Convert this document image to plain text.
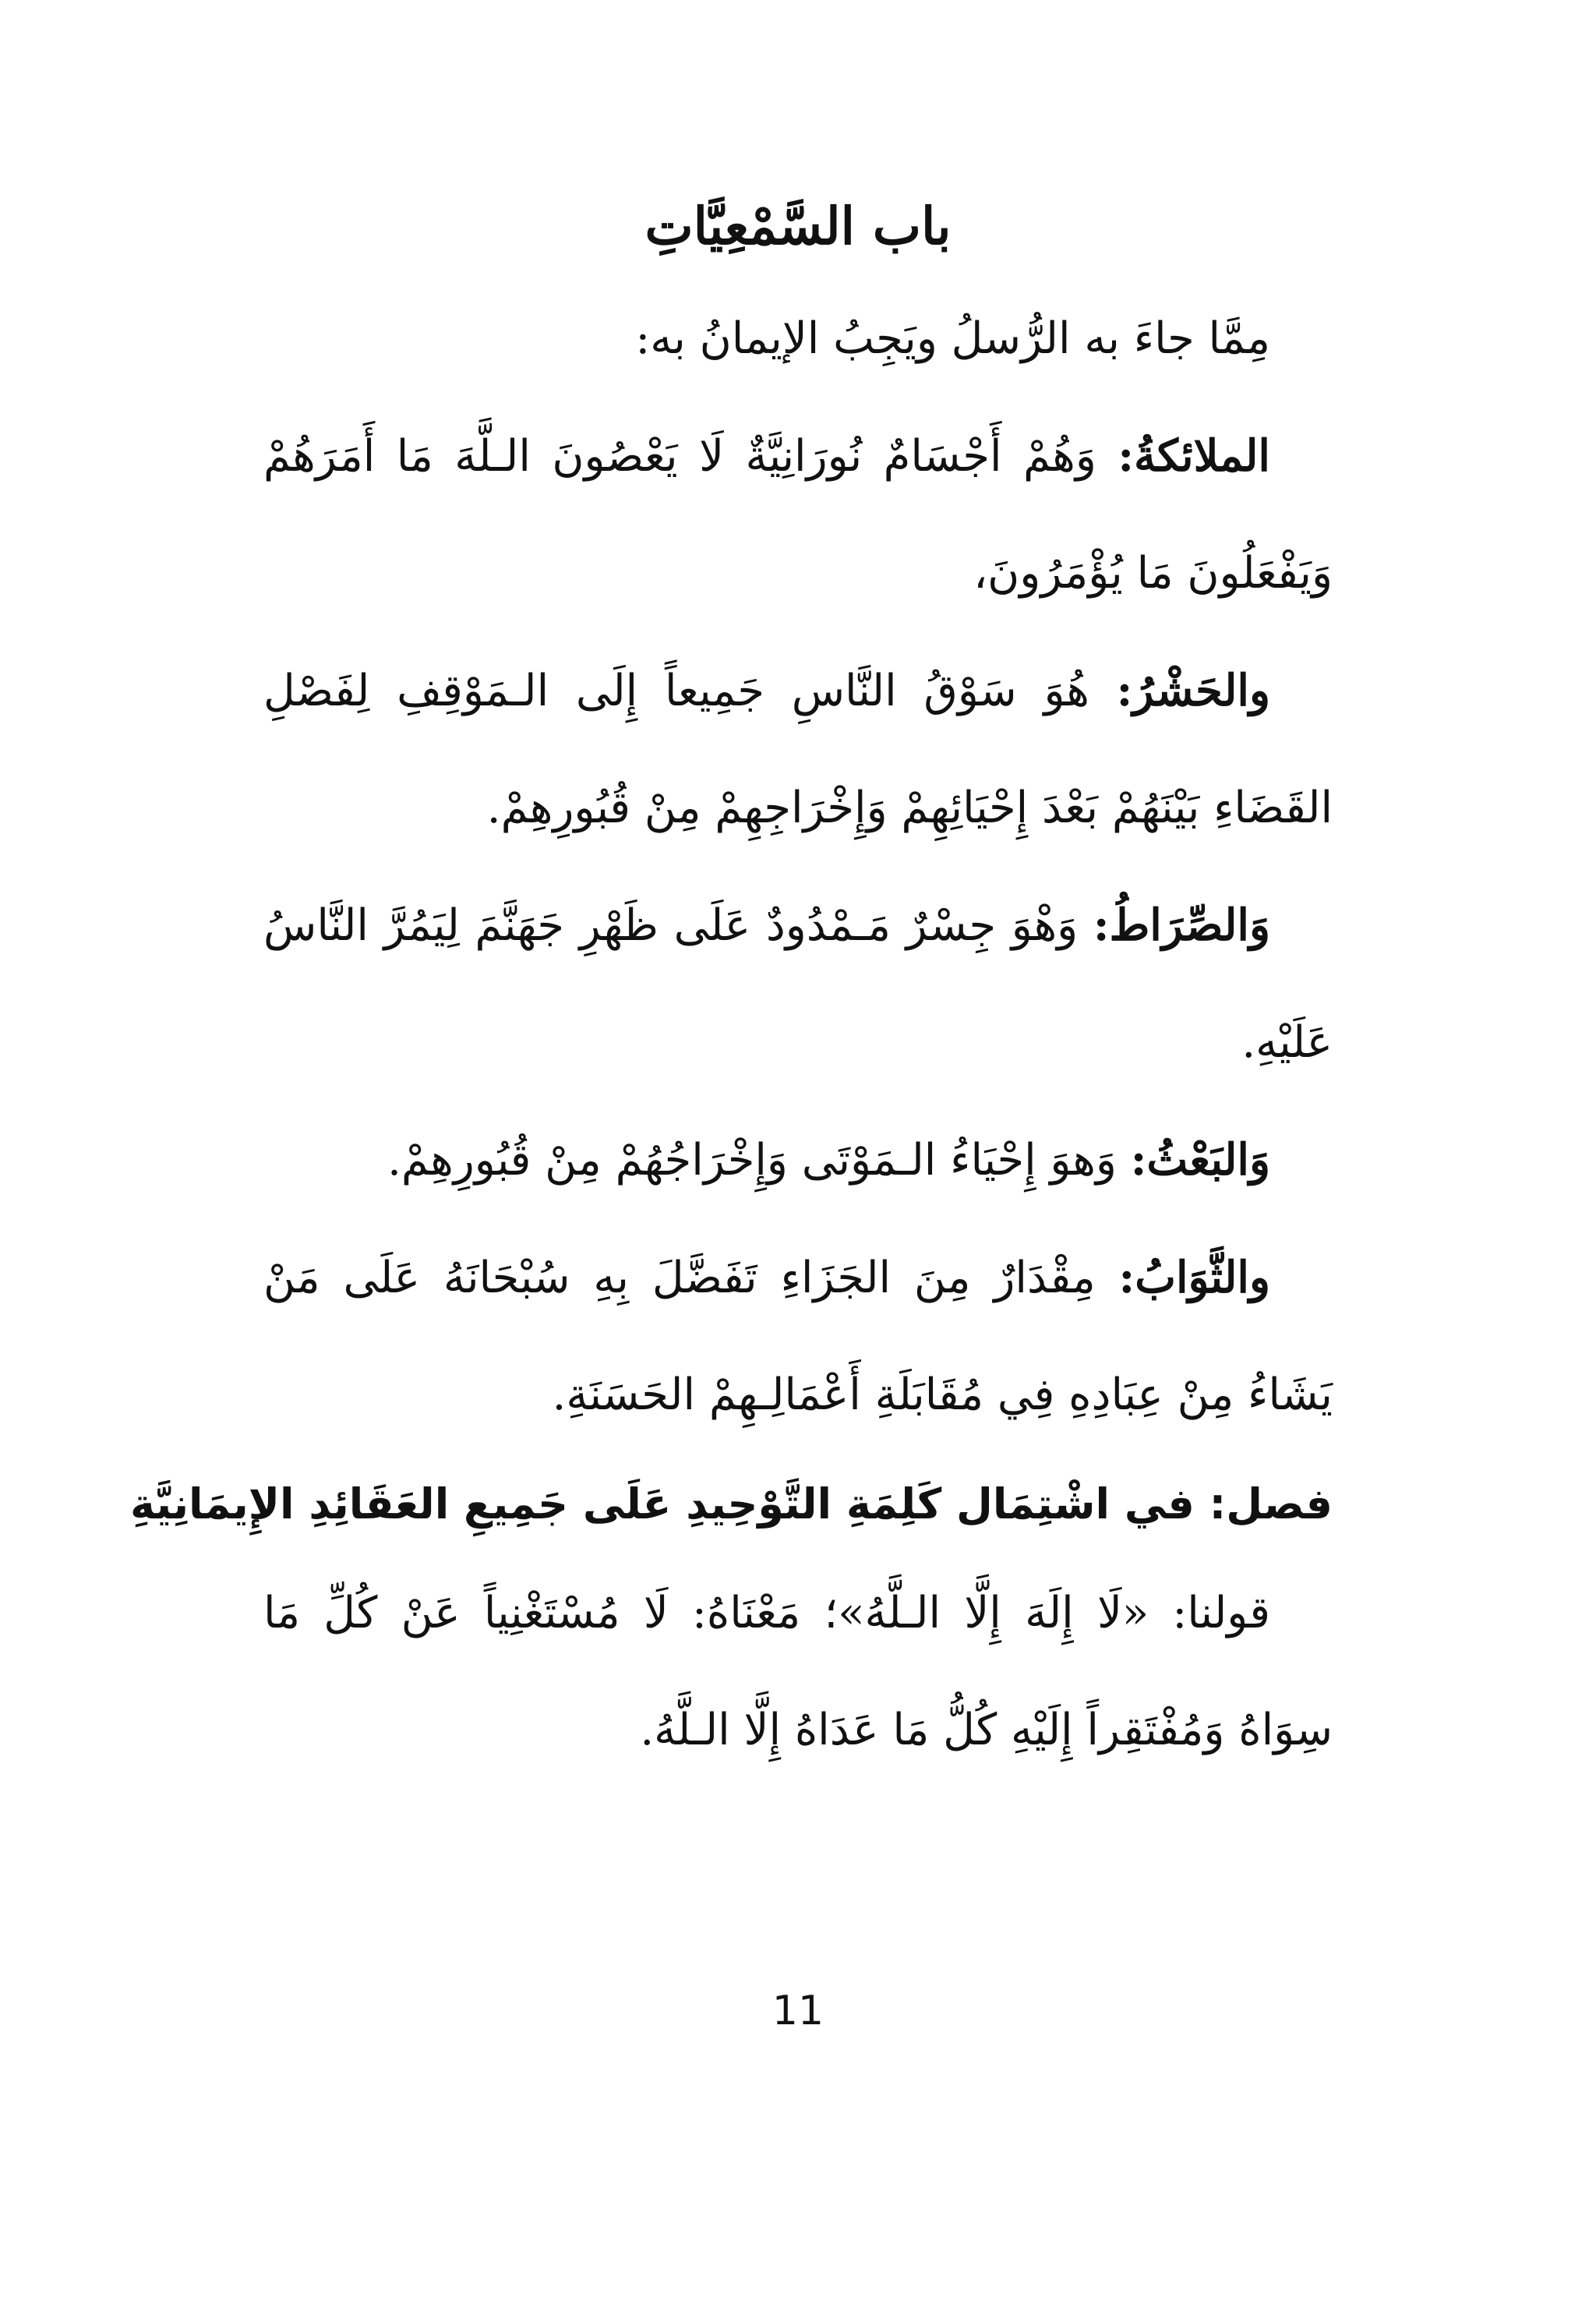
باب السَّمْعِيَّاتِ

مِمَّا جاءَ به الرُّسلُ ويَجِبُ الإيمانُ به:

الملائكةُ: وَهُمْ أَجْسَامٌ نُورَانِيَّةٌ لَا يَعْصُونَ الـلَّهَ مَا أَمَرَهُمْ وَيَفْعَلُونَ مَا يُؤْمَرُونَ،

والحَشْرُ: هُوَ سَوْقُ النَّاسِ جَمِيعاً إِلَى الـمَوْقِفِ لِفَصْلِ القَضَاءِ بَيْنَهُمْ بَعْدَ إِحْيَائِهِمْ وَإِخْرَاجِهِمْ مِنْ قُبُورِهِمْ.

وَالصِّرَاطُ: وَهْوَ جِسْرٌ مَـمْدُودٌ عَلَى ظَهْرِ جَهَنَّمَ لِيَمُرَّ النَّاسُ عَلَيْهِ.

وَالبَعْثُ: وَهوَ إِحْيَاءُ الـمَوْتَى وَإِخْرَاجُهُمْ مِنْ قُبُورِهِمْ.

والثَّوَابُ: مِقْدَارٌ مِنَ الجَزَاءِ تَفَضَّلَ بِهِ سُبْحَانَهُ عَلَى مَنْ يَشَاءُ مِنْ عِبَادِهِ فِي مُقَابَلَةِ أَعْمَالِـهِمْ الحَسَنَةِ.

فصل: في اشْتِمَال كَلِمَةِ التَّوْحِيدِ عَلَى جَمِيعِ العَقَائِدِ الإِيمَانِيَّةِ

قولنا: «لَا إِلَهَ إِلَّا الـلَّهُ»؛ مَعْنَاهُ: لَا مُسْتَغْنِياً عَنْ كُلِّ مَا سِوَاهُ وَمُفْتَقِراً إِلَيْهِ كُلُّ مَا عَدَاهُ إِلَّا الـلَّهُ.

11
